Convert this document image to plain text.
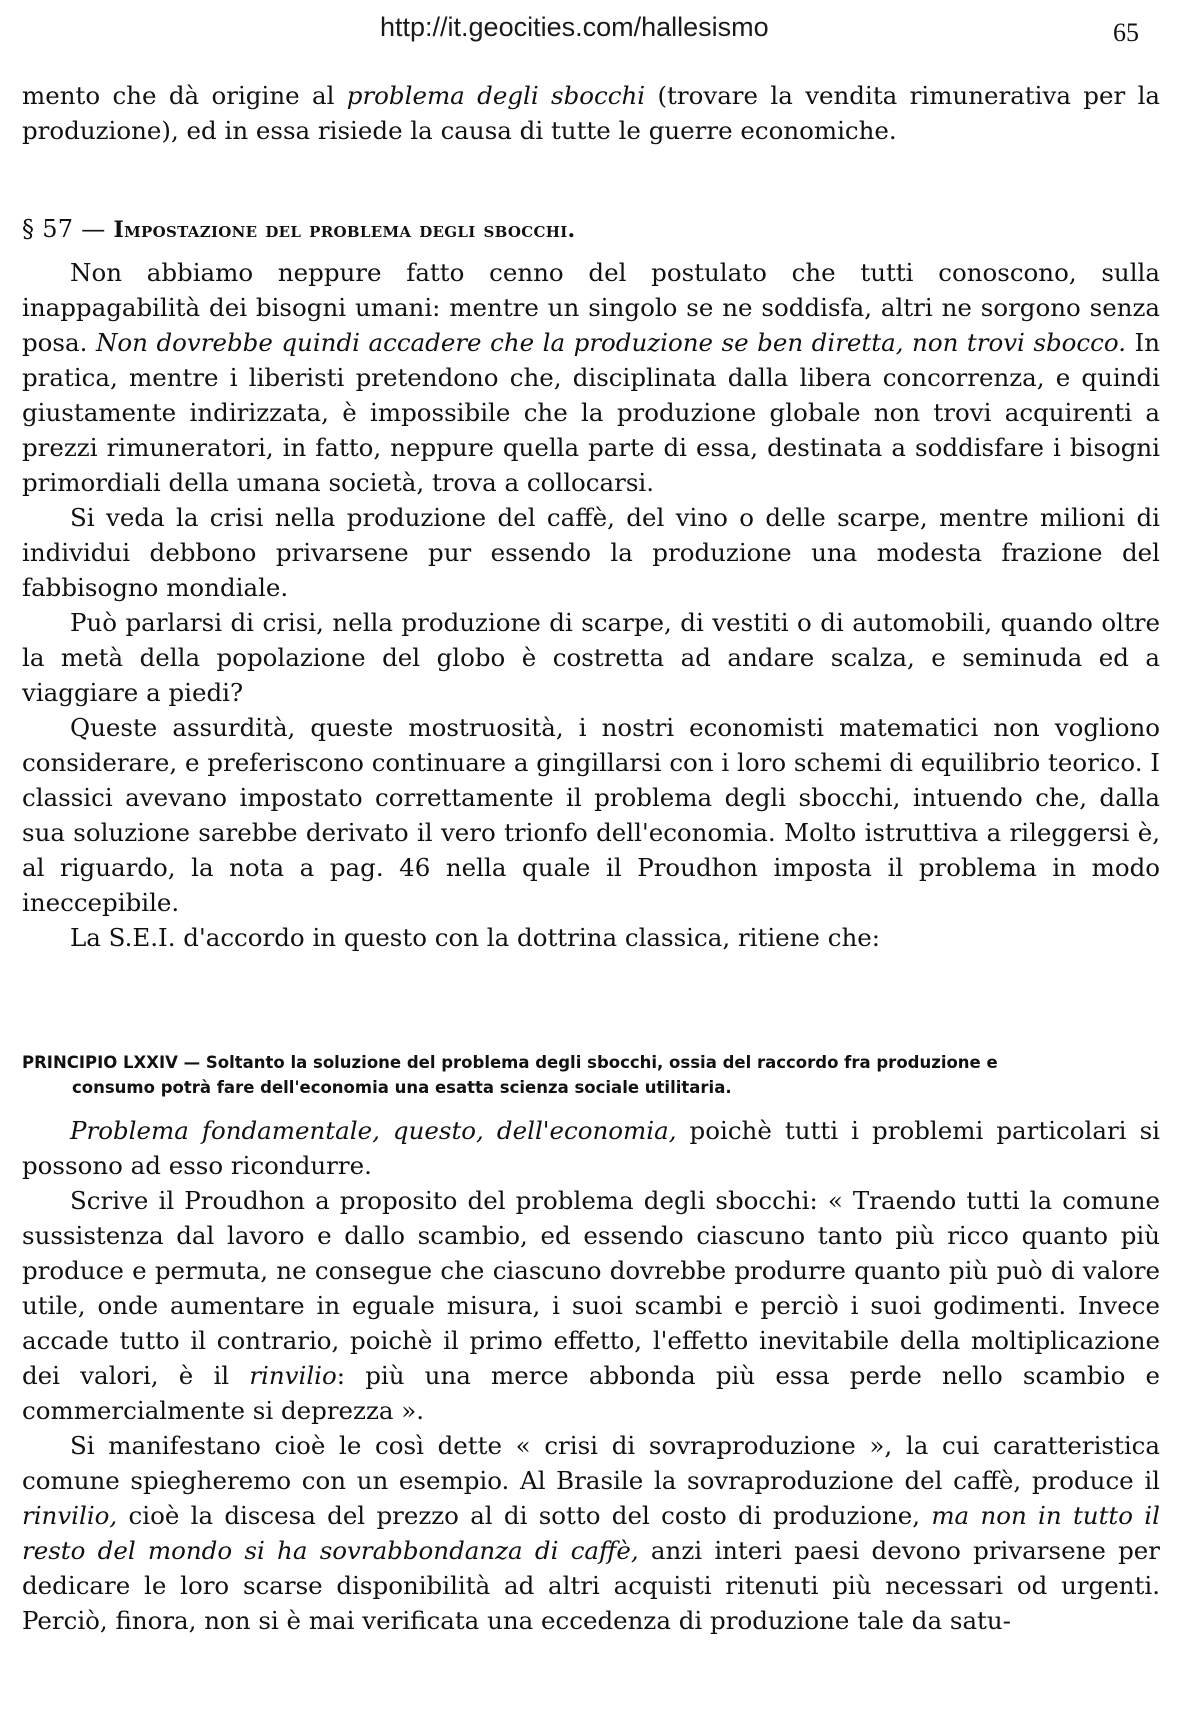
http://it.geocities.com/hallesismo	65

mento che dà origine al problema degli sbocchi (trovare la vendita rimunerativa per la produzione), ed in essa risiede la causa di tutte le guerre economiche.

§ 57 — Impostazione del problema degli sbocchi.

Non abbiamo neppure fatto cenno del postulato che tutti conoscono, sulla inappagabilità dei bisogni umani: mentre un singolo se ne soddisfa, altri ne sorgono senza posa. Non dovrebbe quindi accadere che la produzione se ben diretta, non trovi sbocco. In pratica, mentre i liberisti pretendono che, disciplinata dalla libera concorrenza, e quindi giustamente indirizzata, è impossibile che la produzione globale non trovi acquirenti a prezzi rimuneratori, in fatto, neppure quella parte di essa, destinata a soddisfare i bisogni primordiali della umana società, trova a collocarsi.

Si veda la crisi nella produzione del caffè, del vino o delle scarpe, mentre milioni di individui debbono privarsene pur essendo la produzione una modesta frazione del fabbisogno mondiale.

Può parlarsi di crisi, nella produzione di scarpe, di vestiti o di automobili, quando oltre la metà della popolazione del globo è costretta ad andare scalza, e seminuda ed a viaggiare a piedi?

Queste assurdità, queste mostruosità, i nostri economisti matematici non vogliono considerare, e preferiscono continuare a gingillarsi con i loro schemi di equilibrio teorico. I classici avevano impostato correttamente il problema degli sbocchi, intuendo che, dalla sua soluzione sarebbe derivato il vero trionfo dell'economia. Molto istruttiva a rileggersi è, al riguardo, la nota a pag. 46 nella quale il Proudhon imposta il problema in modo ineccepibile.

La S.E.I. d'accordo in questo con la dottrina classica, ritiene che:

PRINCIPIO LXXIV — Soltanto la soluzione del problema degli sbocchi, ossia del raccordo fra produzione e
consumo potrà fare dell'economia una esatta scienza sociale utilitaria.

Problema fondamentale, questo, dell'economia, poichè tutti i problemi particolari si possono ad esso ricondurre.

Scrive il Proudhon a proposito del problema degli sbocchi: « Traendo tutti la comune sussistenza dal lavoro e dallo scambio, ed essendo ciascuno tanto più ricco quanto più produce e permuta, ne consegue che ciascuno dovrebbe produrre quanto più può di valore utile, onde aumentare in eguale misura, i suoi scambi e perciò i suoi godimenti. Invece accade tutto il contrario, poichè il primo effetto, l'effetto inevitabile della moltiplicazione dei valori, è il rinvilio: più una merce abbonda più essa perde nello scambio e commercialmente si deprezza ».

Si manifestano cioè le così dette « crisi di sovraproduzione », la cui caratteristica comune spiegheremo con un esempio. Al Brasile la sovraproduzione del caffè, produce il rinvilio, cioè la discesa del prezzo al di sotto del costo di produzione, ma non in tutto il resto del mondo si ha sovrabbondanza di caffè, anzi interi paesi devono privarsene per dedicare le loro scarse disponibilità ad altri acquisti ritenuti più necessari od urgenti. Perciò, finora, non si è mai verificata una eccedenza di produzione tale da satu-
